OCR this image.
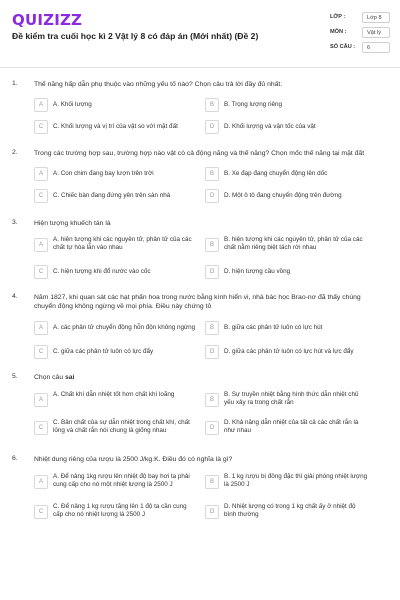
QUIZIZZ
Đề kiểm tra cuối học kì 2 Vật lý 8 có đáp án (Mới nhất) (Đề 2)
LỚP :	Lớp 8
MÔN :	Vật lý
SỐ CÂU :	6
1. Thế năng hấp dẫn phụ thuộc vào những yếu tố nào? Chọn câu trả lời đầy đủ nhất.
A	A. Khối lượng	B	B. Trọng lượng riêng
C	C. Khối lượng và vị trí của vật so với mặt đất	D	D. Khối lượng và vận tốc của vật
2. Trong các trường hợp sau, trường hợp nào vật có cả động năng và thế năng? Chọn mốc thế năng tại mặt đất
A	A. Con chim đang bay lượn trên trời	B	B. Xe đạp đang chuyển động lên dốc
C	C. Chiếc bàn đang đứng yên trên sàn nhà	D	D. Một ô tô đang chuyển động trên đường
3. Hiện tượng khuếch tán là
A
A. hiện tượng khi các nguyên tử, phân tử của các chất tự hòa lẫn vào nhau	B
B. hiện tượng khi các nguyên tử, phân tử của các chất nằm riêng biệt tách rời nhau
C	C. hiện tượng khi đổ nước vào cốc	D	D. hiện tượng cầu vồng
4. Năm 1827, khi quan sát các hạt phấn hoa trong nước bằng kính hiển vi, nhà bác học Brao-nơ đã thấy chúng chuyển động không ngừng về mọi phía. Điều này chứng tỏ
A	A. các phân tử chuyển động hỗn độn không ngừng	B	B. giữa các phân tử luôn có lực hút
C	C. giữa các phân tử luôn có lực đẩy	D	D. giữa các phân tử luôn có lực hút và lực đẩy
5. Chọn câu sai
A
A. Chất khí dẫn nhiệt tốt hơn chất khí loãng
B
B. Sự truyền nhiệt bằng hình thức dẫn nhiệt chủ yếu xảy ra trong chất rắn
C
C. Bản chất của sự dẫn nhiệt trong chất khí, chất lỏng và chất rắn nói chung là giống nhau	D
D. Khả năng dẫn nhiệt của tất cả các chất rắn là như nhau
6. Nhiệt dung riêng của rượu là 2500 J/kg.K. Điều đó có nghĩa là gì?
A
A. Để nâng 1kg rượu lên nhiệt độ bay hơi ta phải cung cấp cho nó một nhiệt lượng là 2500 J	B
B. 1 kg rượu bị đông đặc thì giải phóng nhiệt lượng là 2500 J
C
C. Để nâng 1 kg rượu tăng lên 1 độ ta cần cung cấp cho nó nhiệt lượng là 2500 J	D
D. Nhiệt lượng có trong 1 kg chất ấy ở nhiệt độ bình thường
